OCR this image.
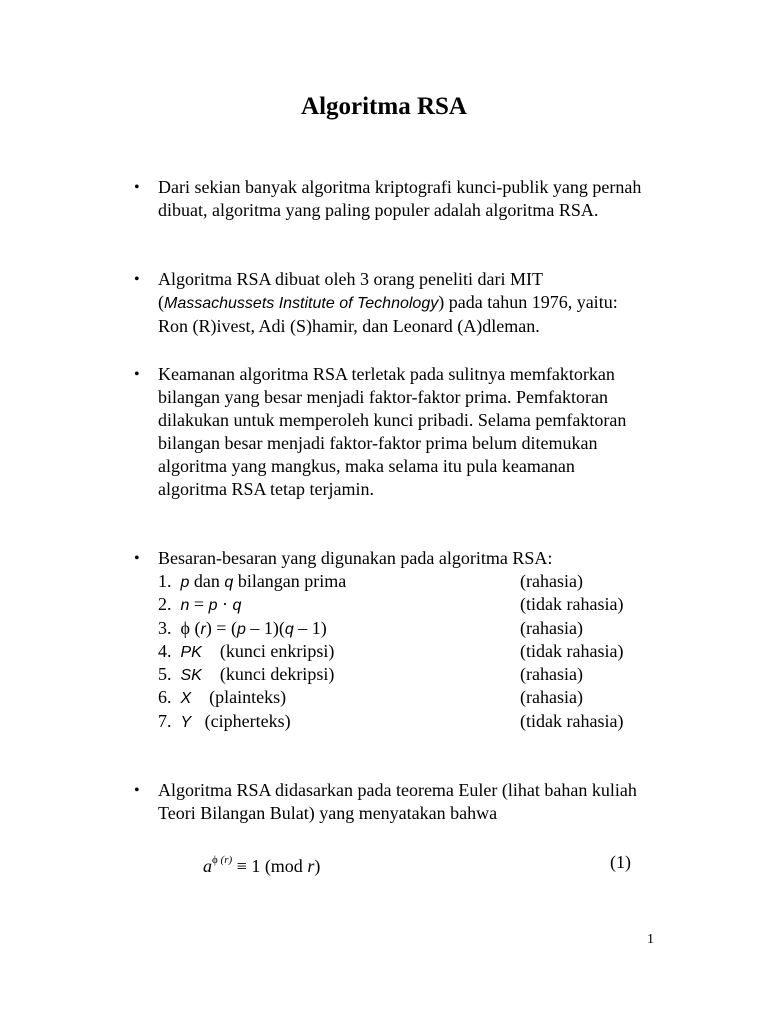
Algoritma RSA
• Dari sekian banyak algoritma kriptografi kunci-publik yang pernah dibuat, algoritma yang paling populer adalah algoritma RSA.

• Algoritma RSA dibuat oleh 3 orang peneliti dari MIT (Massachussets Institute of Technology) pada tahun 1976, yaitu: Ron (R)ivest, Adi (S)hamir, dan Leonard (A)dleman.

• Keamanan algoritma RSA terletak pada sulitnya memfaktorkan bilangan yang besar menjadi faktor-faktor prima. Pemfaktoran dilakukan untuk memperoleh kunci pribadi. Selama pemfaktoran bilangan besar menjadi faktor-faktor prima belum ditemukan algoritma yang mangkus, maka selama itu pula keamanan algoritma RSA tetap terjamin.

• Besaran-besaran yang digunakan pada algoritma RSA:

1. p dan q bilangan prima	(rahasia)
2. n = p · q	(tidak rahasia)
3. ϕ (r) = (p – 1)(q – 1)	(rahasia)
4. PK (kunci enkripsi)	(tidak rahasia)
5. SK (kunci dekripsi)	(rahasia)
6. X (plainteks)	(rahasia)
7. Y (cipherteks)	(tidak rahasia)
• Algoritma RSA didasarkan pada teorema Euler (lihat bahan kuliah Teori Bilangan Bulat) yang menyatakan bahwa

$a^{\phi (r)} \equiv 1$ (mod r)	(1)
1
